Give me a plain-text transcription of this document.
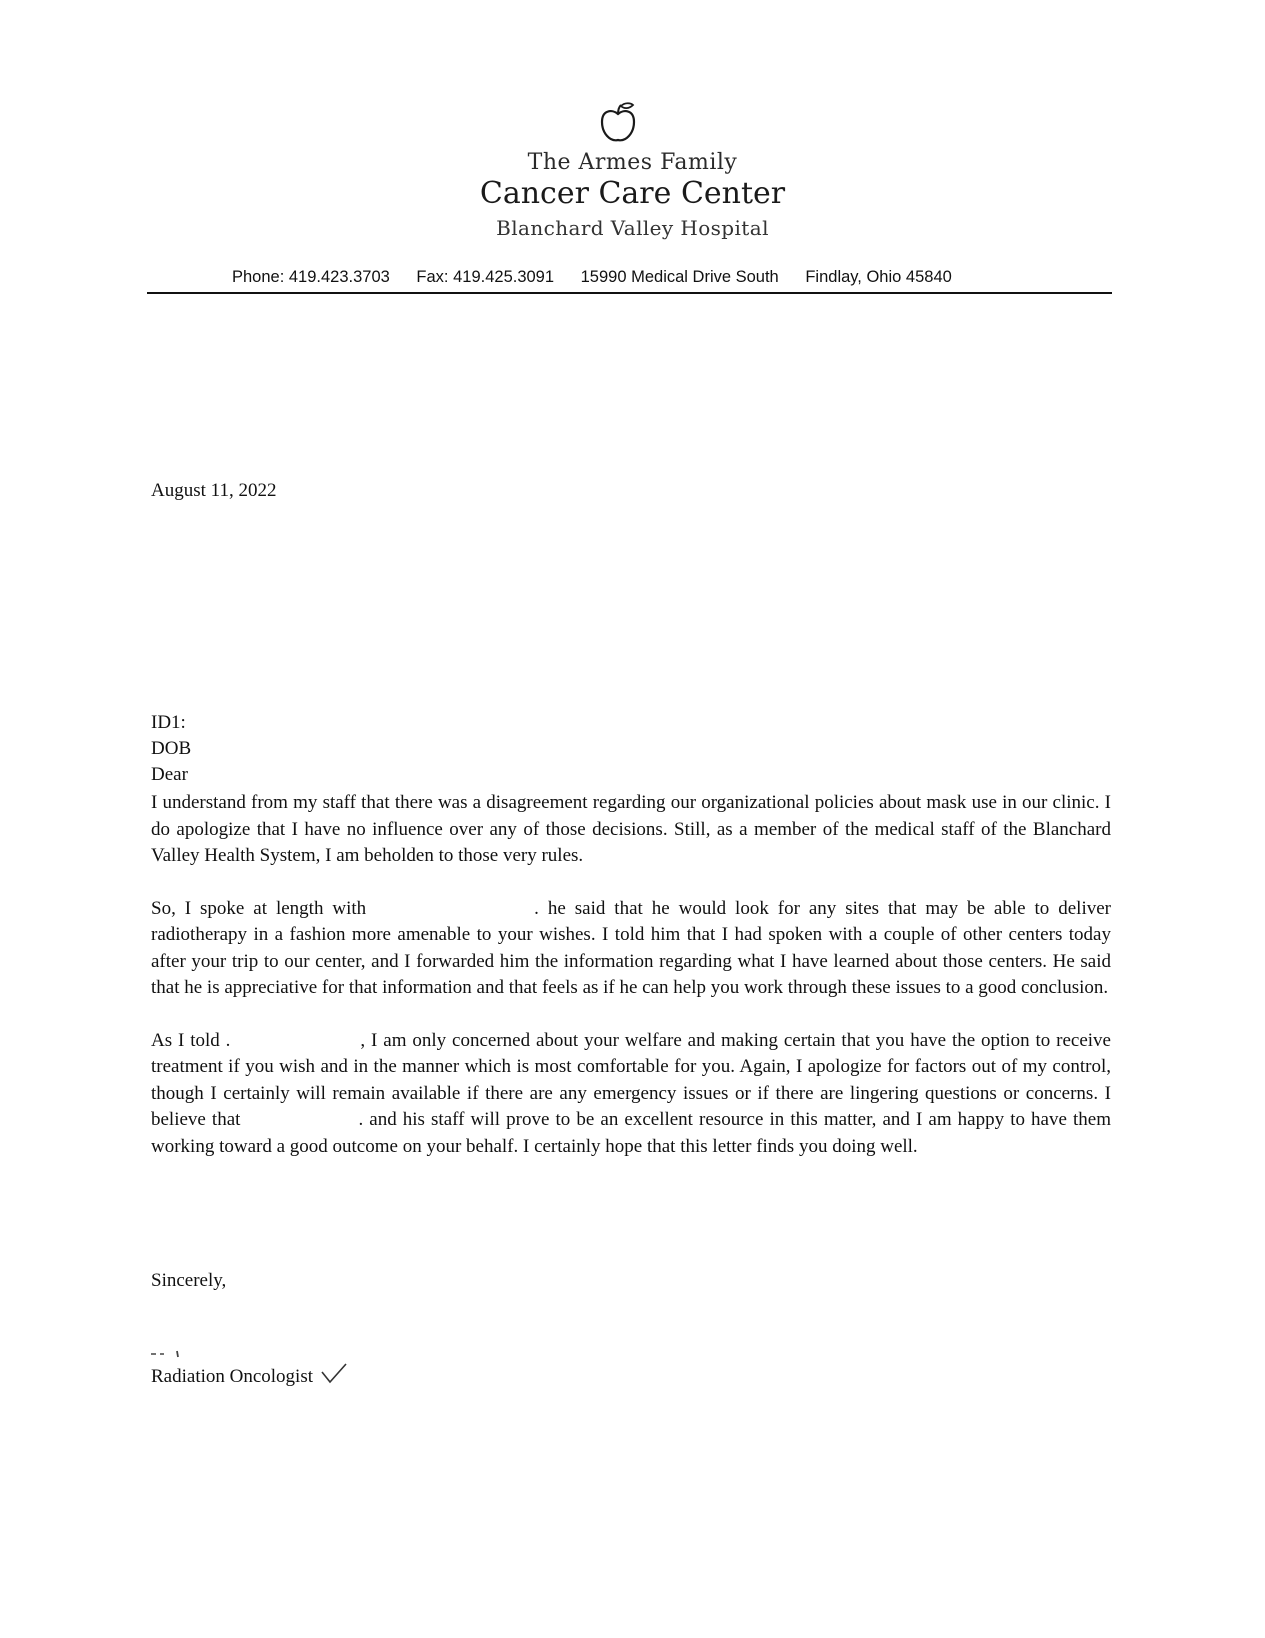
The Armes Family
Cancer Care Center
Blanchard Valley Hospital
Phone: 419.423.3703 Fax: 419.425.3091 15990 Medical Drive South Findlay, Ohio 45840
August 11, 2022
ID1:
DOB
Dear

I understand from my staff that there was a disagreement regarding our organizational policies about mask use in our clinic. I do apologize that I have no influence over any of those decisions. Still, as a member of the medical staff of the Blanchard Valley Health System, I am beholden to those very rules.

So, I spoke at length with	. he said that he would look for any sites that may be able to deliver radiotherapy in a fashion more amenable to your wishes. I told him that I had spoken with a couple of other centers today after your trip to our center, and I forwarded him the information regarding what I have learned about those centers. He said that he is appreciative for that information and that feels as if he can help you work through these issues to a good conclusion.

As I told .	, I am only concerned about your welfare and making certain that you have the option to receive treatment if you wish and in the manner which is most comfortable for you. Again, I apologize for factors out of my control, though I certainly will remain available if there are any emergency issues or if there are lingering questions or concerns. I believe that	. and his staff will prove to be an excellent resource in this matter, and I am happy to have them working toward a good outcome on your behalf. I certainly hope that this letter finds you doing well.

Sincerely,
Radiation Oncologist
